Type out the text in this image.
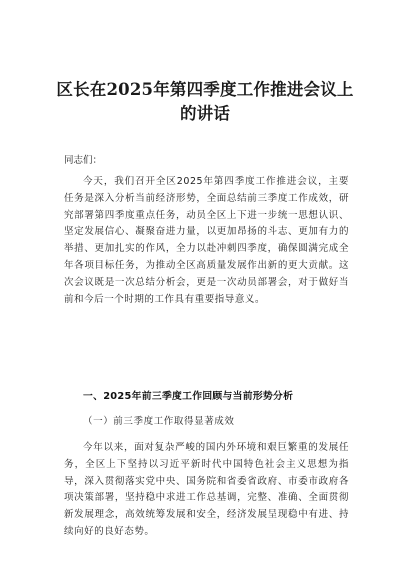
区长在2025年第四季度工作推进会议上
的讲话
同志们：
今天，我们召开全区2025年第四季度工作推进会议，主要任务是深入分析当前经济形势，全面总结前三季度工作成效，研究部署第四季度重点任务，动员全区上下进一步统一思想认识、坚定发展信心、凝聚奋进力量，以更加昂扬的斗志、更加有力的举措、更加扎实的作风，全力以赴冲刺四季度，确保圆满完成全年各项目标任务，为推动全区高质量发展作出新的更大贡献。这次会议既是一次总结分析会，更是一次动员部署会，对于做好当前和今后一个时期的工作具有重要指导意义。
一、2025年前三季度工作回顾与当前形势分析
（一）前三季度工作取得显著成效
今年以来，面对复杂严峻的国内外环境和艰巨繁重的发展任务，全区上下坚持以习近平新时代中国特色社会主义思想为指导，深入贯彻落实党中央、国务院和省委省政府、市委市政府各项决策部署，坚持稳中求进工作总基调，完整、准确、全面贯彻新发展理念，高效统筹发展和安全，经济发展呈现稳中有进、持续向好的良好态势。
